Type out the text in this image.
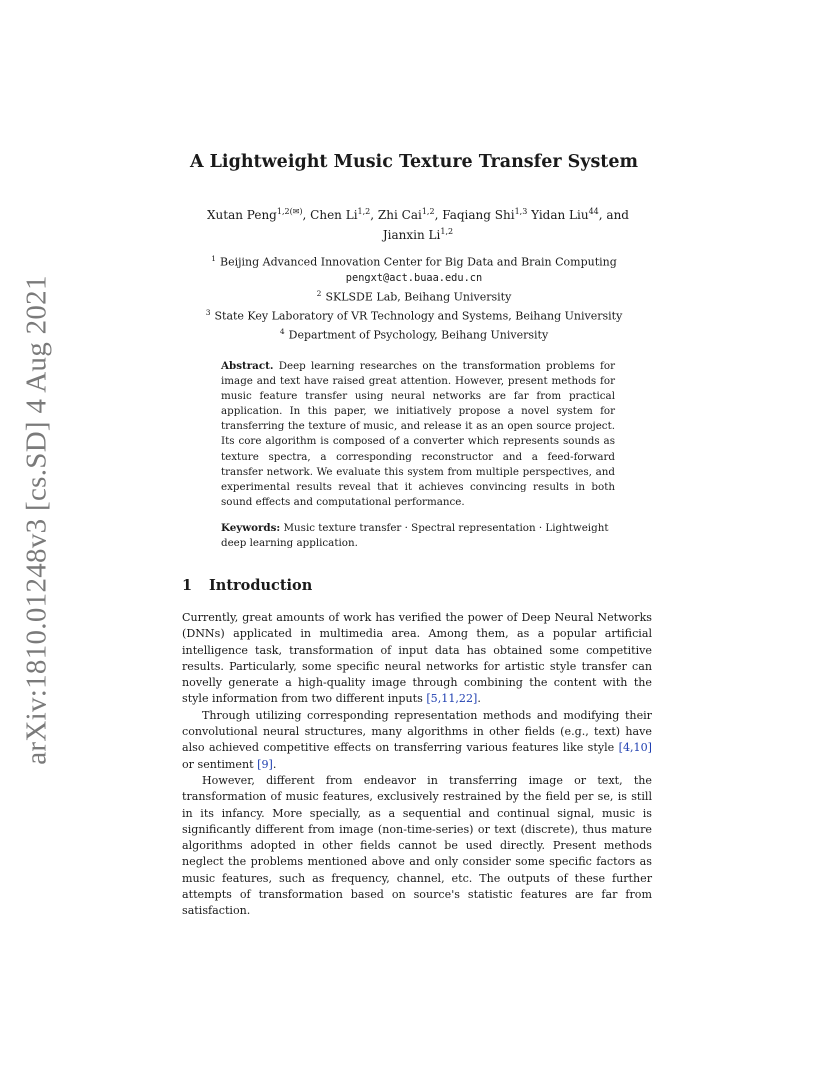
arXiv:1810.01248v3 [cs.SD] 4 Aug 2021
A Lightweight Music Texture Transfer System
Xutan Peng$^{1,2(✉)}$, Chen Li$^{1,2}$, Zhi Cai$^{1,2}$, Faqiang Shi$^{1,3}$ Yidan Liu$^{44}$, and Jianxin Li$^{1,2}$
$^1$ Beijing Advanced Innovation Center for Big Data and Brain Computing
pengxt@act.buaa.edu.cn
$^2$ SKLSDE Lab, Beihang University
$^3$ State Key Laboratory of VR Technology and Systems, Beihang University
$^4$ Department of Psychology, Beihang University
Abstract. Deep learning researches on the transformation problems for image and text have raised great attention. However, present methods for music feature transfer using neural networks are far from practical application. In this paper, we initiatively propose a novel system for transferring the texture of music, and release it as an open source project. Its core algorithm is composed of a converter which represents sounds as texture spectra, a corresponding reconstructor and a feed-forward transfer network. We evaluate this system from multiple perspectives, and experimental results reveal that it achieves convincing results in both sound effects and computational performance.
Keywords: Music texture transfer · Spectral representation · Lightweight deep learning application.
1 Introduction

Currently, great amounts of work has verified the power of Deep Neural Networks (DNNs) applicated in multimedia area. Among them, as a popular artificial intelligence task, transformation of input data has obtained some competitive results. Particularly, some specific neural networks for artistic style transfer can novelly generate a high-quality image through combining the content with the style information from two different inputs [5,11,22].

Through utilizing corresponding representation methods and modifying their convolutional neural structures, many algorithms in other fields (e.g., text) have also achieved competitive effects on transferring various features like style [4,10] or sentiment [9].

However, different from endeavor in transferring image or text, the transformation of music features, exclusively restrained by the field per se, is still in its infancy. More specially, as a sequential and continual signal, music is significantly different from image (non-time-series) or text (discrete), thus mature algorithms adopted in other fields cannot be used directly. Present methods neglect the problems mentioned above and only consider some specific factors as music features, such as frequency, channel, etc. The outputs of these further attempts of transformation based on source's statistic features are far from satisfaction.
